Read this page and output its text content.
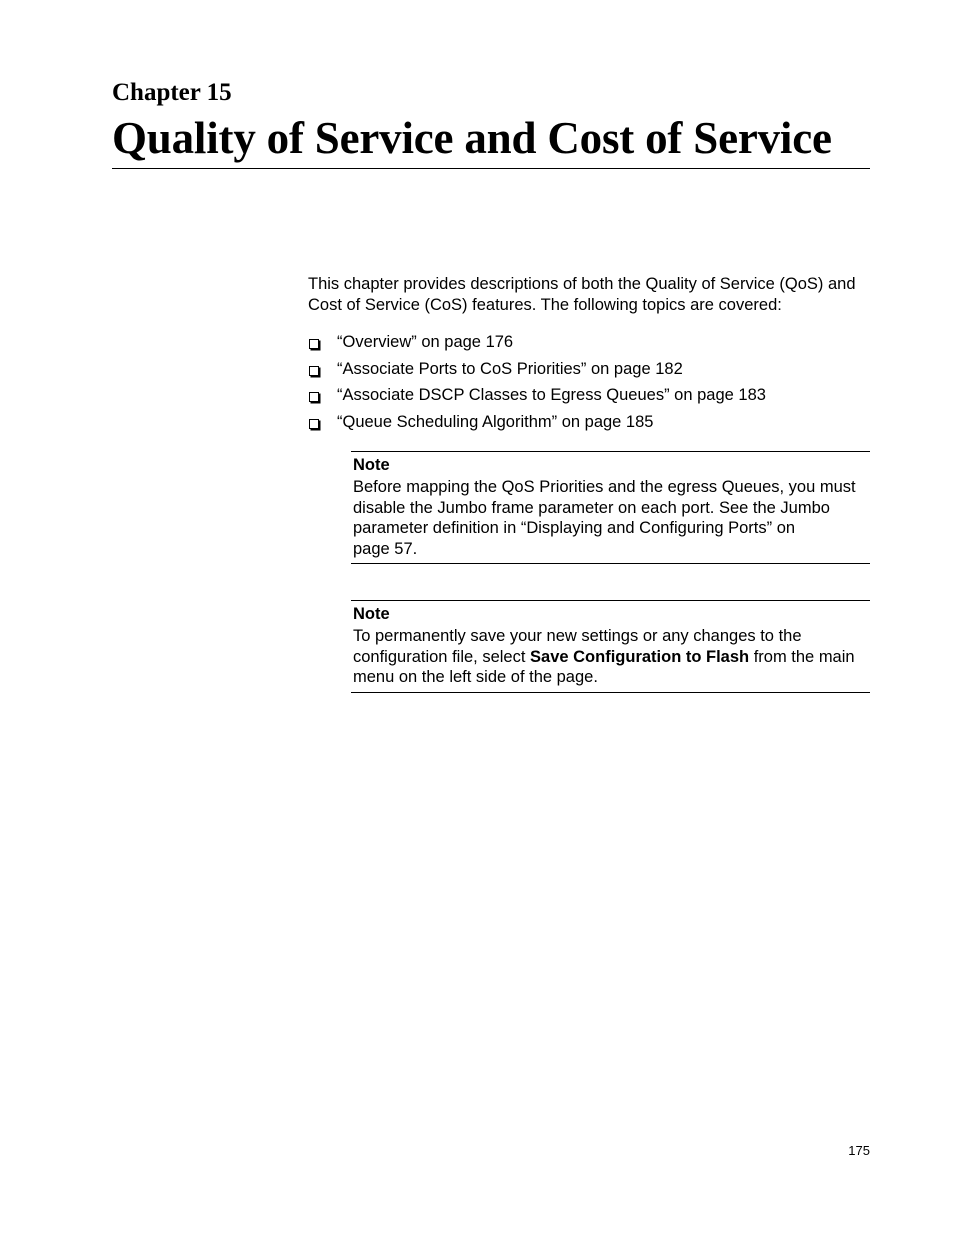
Chapter 15
Quality of Service and Cost of Service

This chapter provides descriptions of both the Quality of Service (QoS) and Cost of Service (CoS) features. The following topics are covered:

“Overview” on page 176
“Associate Ports to CoS Priorities” on page 182
“Associate DSCP Classes to Egress Queues” on page 183
“Queue Scheduling Algorithm” on page 185
Note
Before mapping the QoS Priorities and the egress Queues, you must
disable the Jumbo frame parameter on each port. See the Jumbo
parameter definition in “Displaying and Configuring Ports” on
page 57.
Note
To permanently save your new settings or any changes to the configuration file, select Save Configuration to Flash from the main menu on the left side of the page.
175
